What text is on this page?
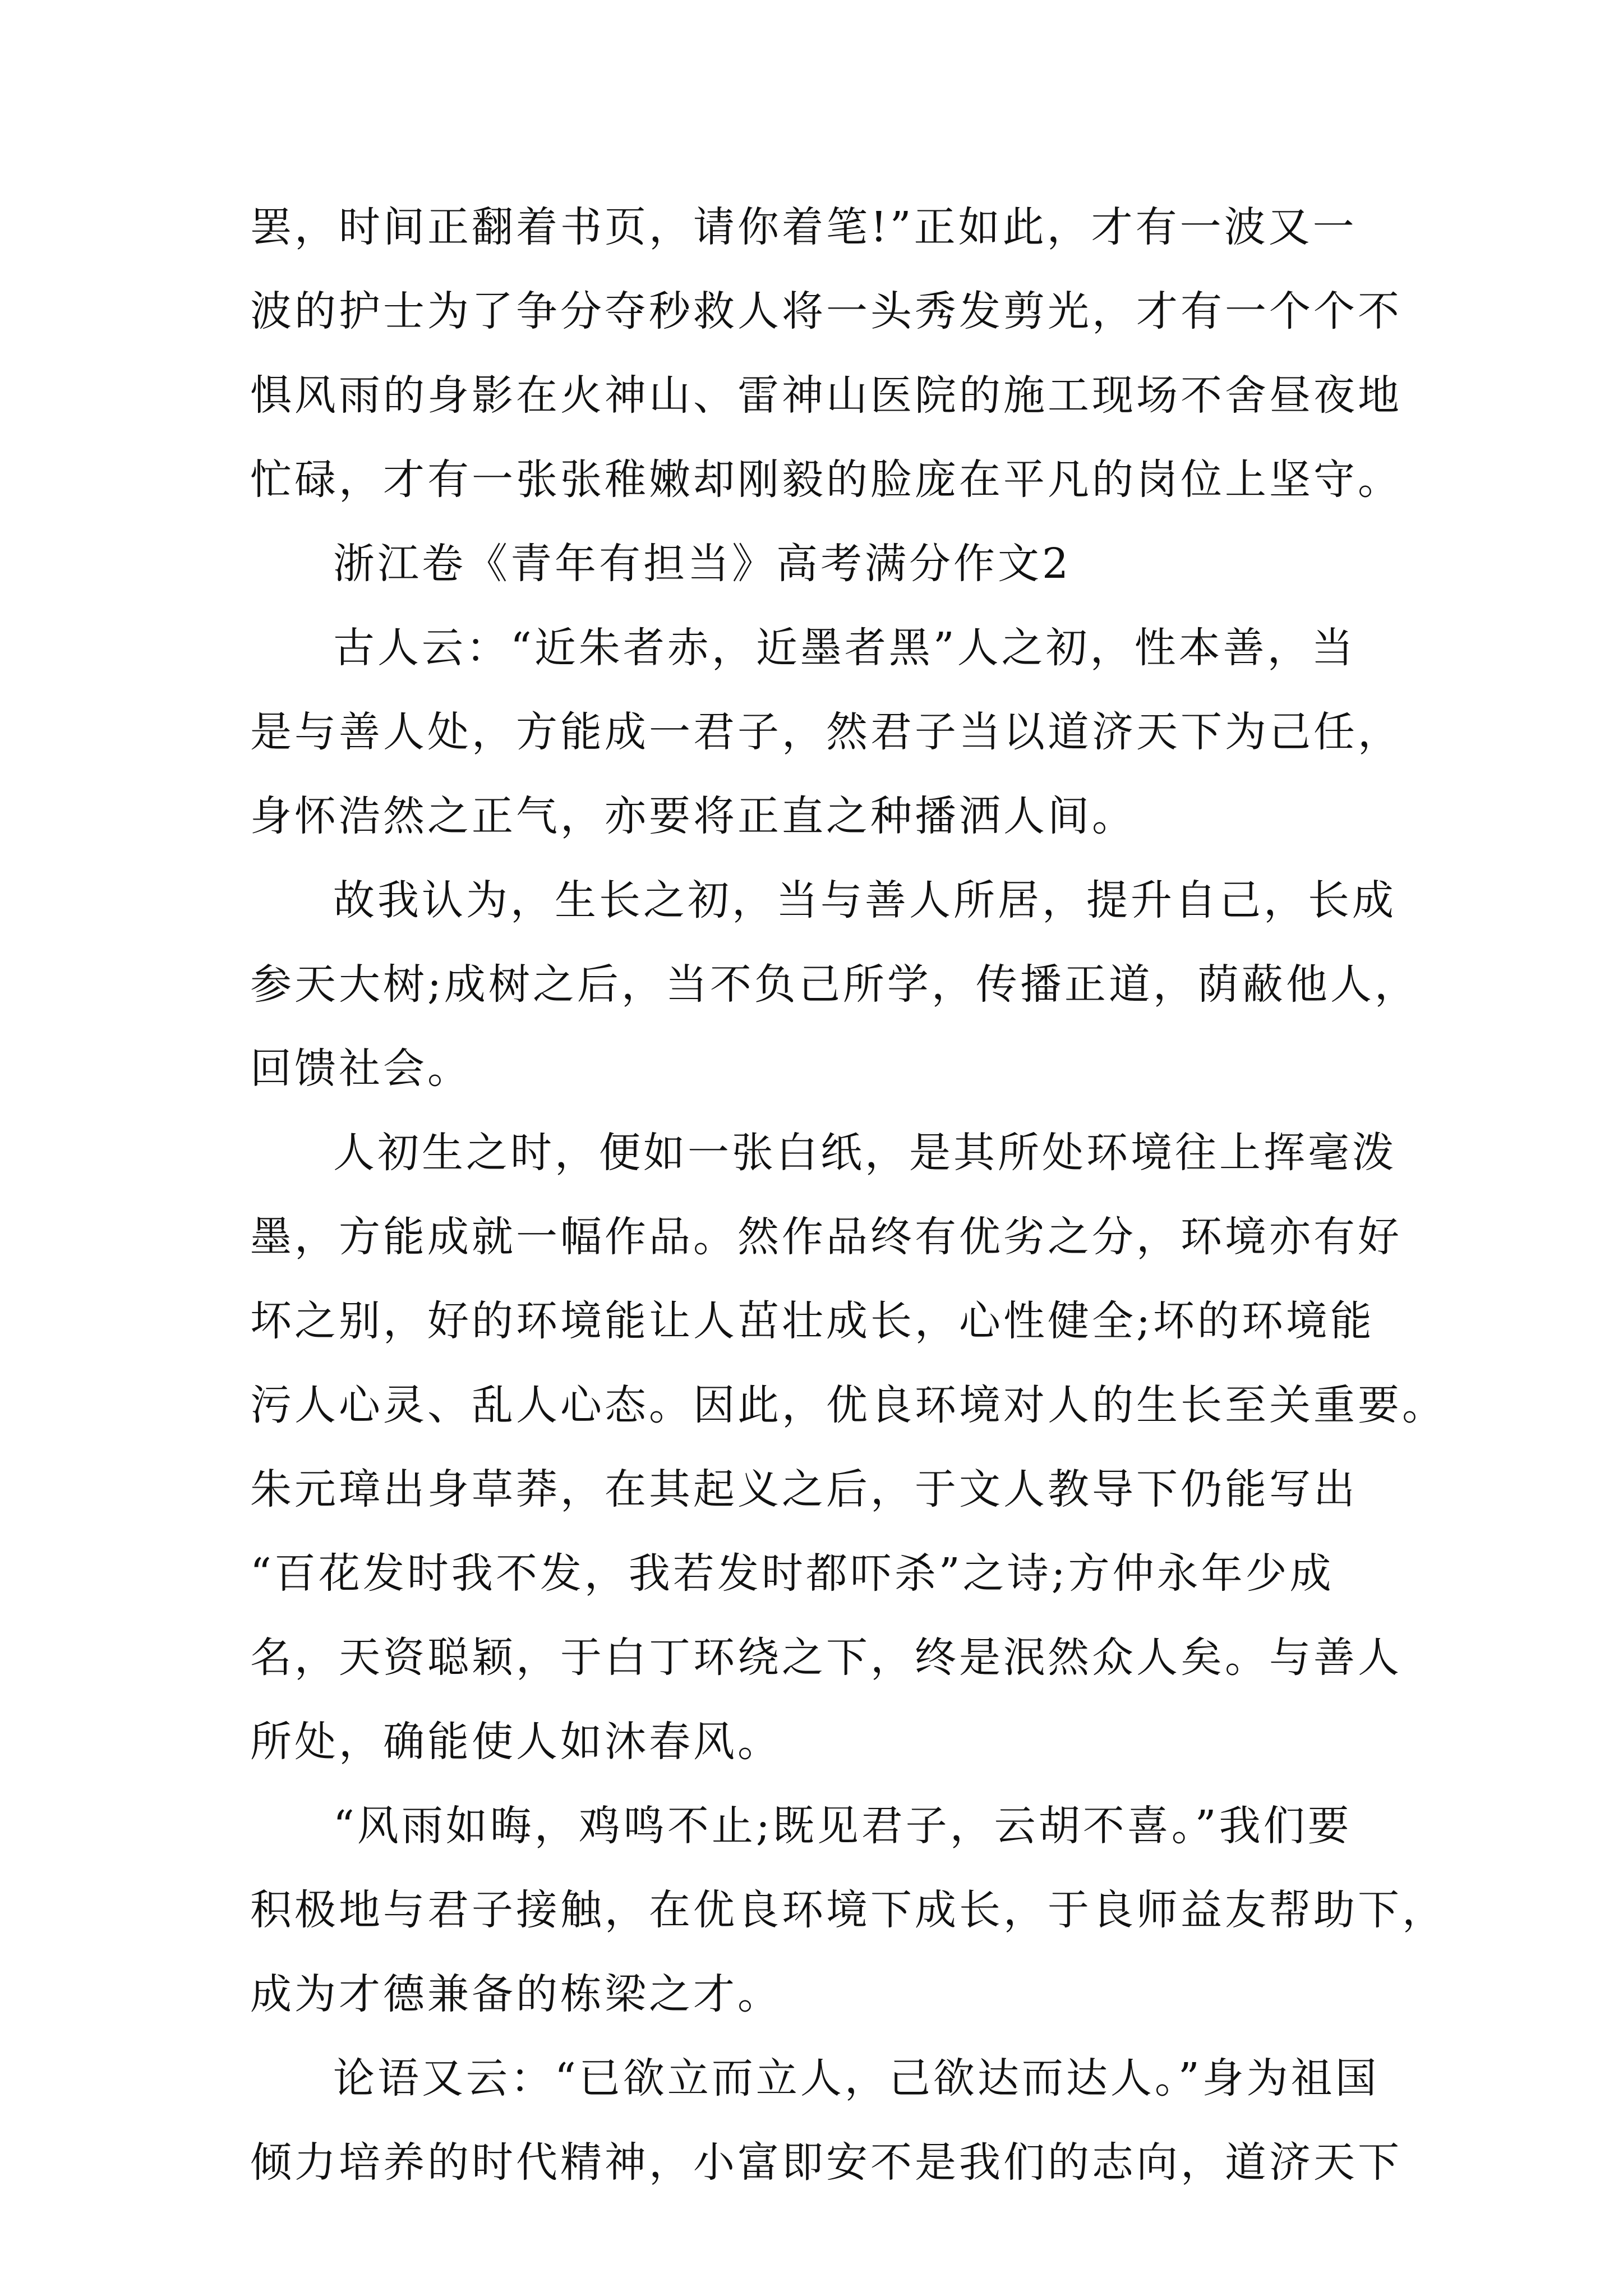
罢，时间正翻着书页，请你着笔!”正如此，才有一波又一
波的护士为了争分夺秒救人将一头秀发剪光，才有一个个不
惧风雨的身影在火神山、雷神山医院的施工现场不舍昼夜地
忙碌，才有一张张稚嫩却刚毅的脸庞在平凡的岗位上坚守。
浙江卷《青年有担当》高考满分作文2
古人云：“近朱者赤，近墨者黑”人之初，性本善，当
是与善人处，方能成一君子，然君子当以道济天下为己任，
身怀浩然之正气，亦要将正直之种播洒人间。
故我认为，生长之初，当与善人所居，提升自己，长成
参天大树;成树之后，当不负己所学，传播正道，荫蔽他人，
回馈社会。
人初生之时，便如一张白纸，是其所处环境往上挥毫泼
墨，方能成就一幅作品。然作品终有优劣之分，环境亦有好
坏之别，好的环境能让人茁壮成长，心性健全;坏的环境能
污人心灵、乱人心态。因此，优良环境对人的生长至关重要。
朱元璋出身草莽，在其起义之后，于文人教导下仍能写出
“百花发时我不发，我若发时都吓杀”之诗;方仲永年少成
名，天资聪颖，于白丁环绕之下，终是泯然众人矣。与善人
所处，确能使人如沐春风。
“风雨如晦，鸡鸣不止;既见君子，云胡不喜。”我们要
积极地与君子接触，在优良环境下成长，于良师益友帮助下，
成为才德兼备的栋梁之才。
论语又云：“已欲立而立人，己欲达而达人。”身为祖国
倾力培养的时代精神，小富即安不是我们的志向，道济天下
